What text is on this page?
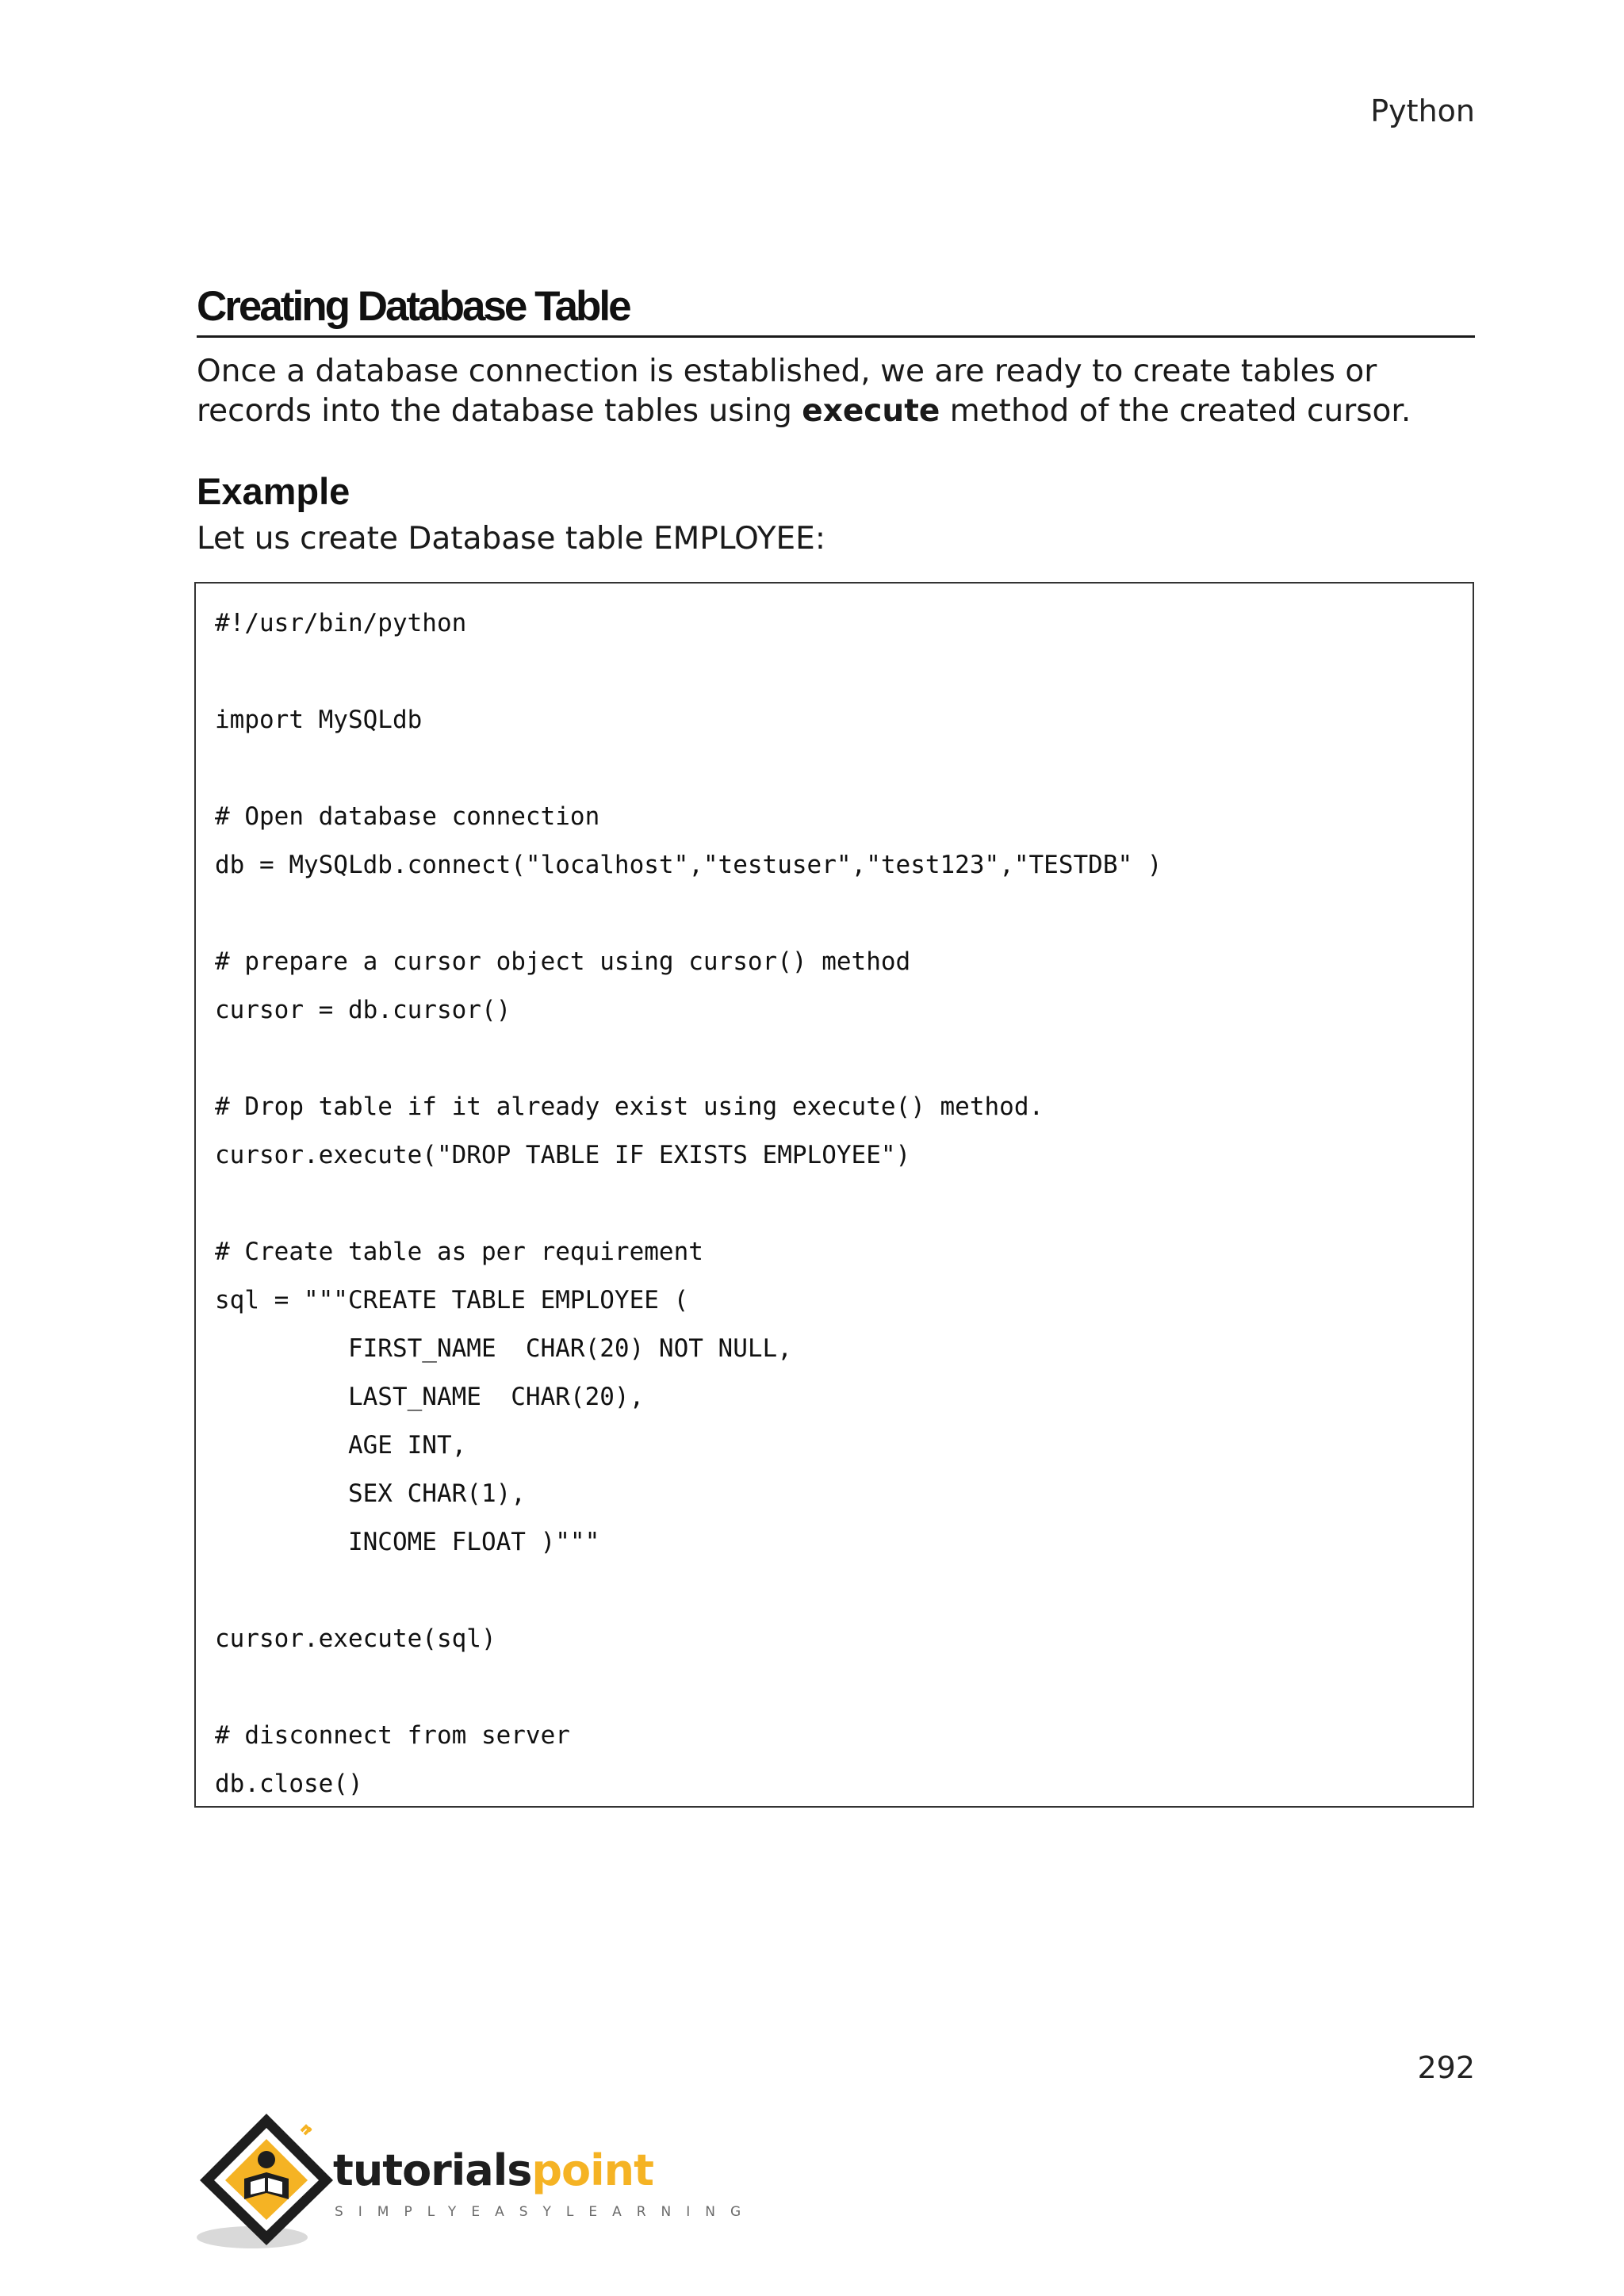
Python
Creating Database Table

Once a database connection is established, we are ready to create tables or records into the database tables using execute method of the created cursor.

Example

Let us create Database table EMPLOYEE:

#!/usr/bin/python
import MySQLdb
# Open database connection
db = MySQLdb.connect("localhost","testuser","test123","TESTDB" )
# prepare a cursor object using cursor() method
cursor = db.cursor()
# Drop table if it already exist using execute() method.
cursor.execute("DROP TABLE IF EXISTS EMPLOYEE")
# Create table as per requirement
sql = """CREATE TABLE EMPLOYEE (
FIRST_NAME  CHAR(20) NOT NULL,
LAST_NAME  CHAR(20),
AGE INT,
SEX CHAR(1),
INCOME FLOAT )"""
cursor.execute(sql)
# disconnect from server
db.close()
292
tutorialspoint
SIMPLYEASYLEARNING
